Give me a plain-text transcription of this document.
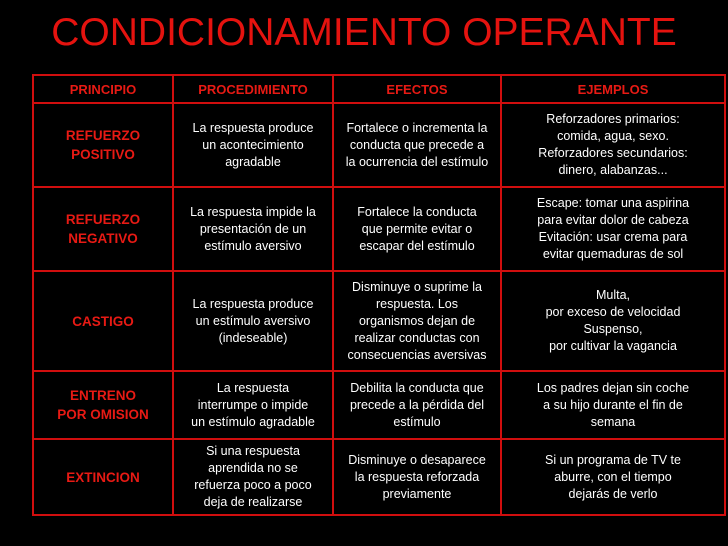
CONDICIONAMIENTO OPERANTE
PRINCIPIO	PROCEDIMIENTO	EFECTOS	EJEMPLOS

REFUERZO
POSITIVO	La respuesta produce
un acontecimiento
agradable	Fortalece o incrementa la
conducta que precede a
la ocurrencia del estímulo	Reforzadores primarios:
comida, agua, sexo.
Reforzadores secundarios:
dinero, alabanzas...

REFUERZO
NEGATIVO	La respuesta impide la
presentación de un
estímulo aversivo	Fortalece la conducta
que permite evitar o
escapar del estímulo	Escape: tomar una aspirina
para evitar dolor de cabeza
Evitación: usar crema para
evitar quemaduras de sol

CASTIGO	La respuesta produce
un estímulo aversivo
(indeseable)	Disminuye o suprime la
respuesta. Los
organismos dejan de
realizar conductas con
consecuencias aversivas	Multa,
por exceso de velocidad
Suspenso,
por cultivar la vagancia

ENTRENO
POR OMISION	La respuesta
interrumpe o impide
un estímulo agradable	Debilita la conducta que
precede a la pérdida del
estímulo	Los padres dejan sin coche
a su hijo durante el fin de
semana

EXTINCION	Si una respuesta
aprendida no se
refuerza poco a poco
deja de realizarse	Disminuye o desaparece
la respuesta reforzada
previamente	Si un programa de TV te
aburre, con el tiempo
dejarás de verlo
